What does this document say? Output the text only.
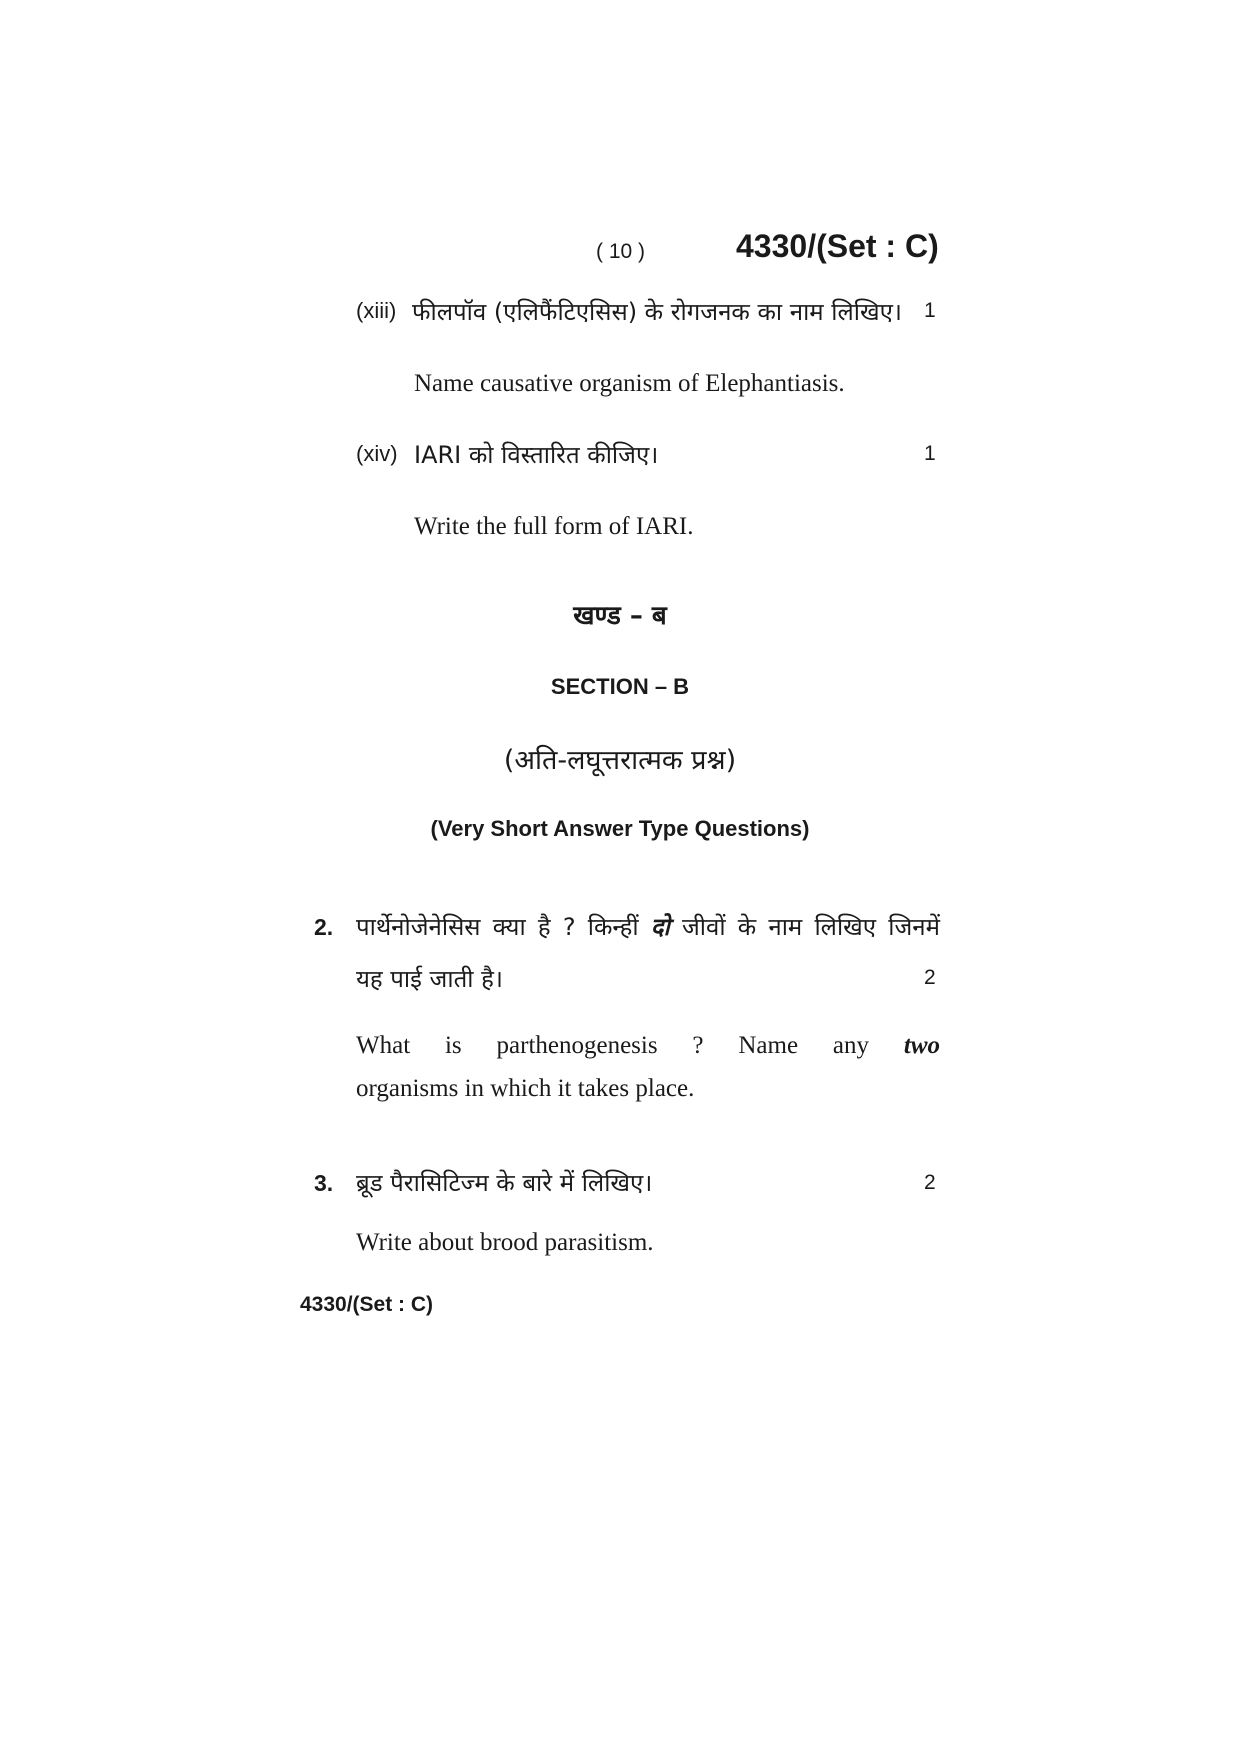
( 10 )	4330/(Set : C)
(xiii) फीलपॉव (एलिफैंटिएसिस) के रोगजनक का नाम लिखिए। 1
Name causative organism of Elephantiasis.
(xiv) IARI को विस्तारित कीजिए।	1
Write the full form of IARI.
खण्ड – ब
SECTION – B
(अति-लघूत्तरात्मक प्रश्न)
(Very Short Answer Type Questions)
2. पार्थेनोजेनेसिस क्या है ? किन्हीं दो जीवों के नाम लिखिए जिनमें
यह पाई जाती है।	2
What is parthenogenesis ? Name any two
organisms in which it takes place.
3. ब्रूड पैरासिटिज्म के बारे में लिखिए।	2
Write about brood parasitism.
4330/(Set : C)
